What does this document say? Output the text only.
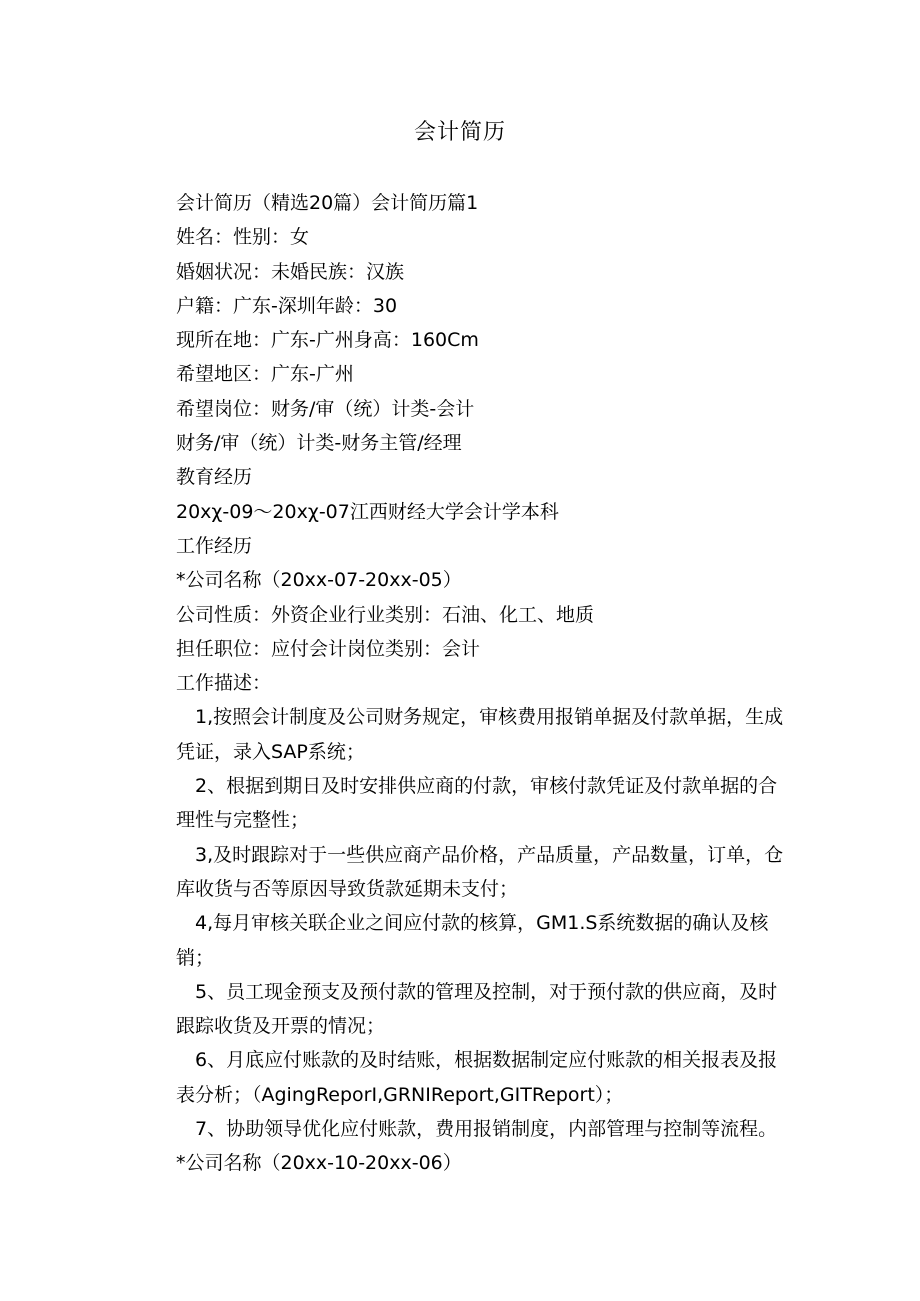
会计简历

会计简历（精选20篇）会计简历篇1

姓名：性别：女

婚姻状况：未婚民族：汉族

户籍：广东-深圳年龄：30

现所在地：广东-广州身高：160Cm

希望地区：广东-广州

希望岗位：财务/审（统）计类-会计

财务/审（统）计类-财务主管/经理

教育经历

20xχ-09〜20xχ-07江西财经大学会计学本科

工作经历

*公司名称（20xx-07-20xx-05）

公司性质：外资企业行业类别：石油、化工、地质

担任职位：应付会计岗位类别：会计

工作描述：

1,按照会计制度及公司财务规定，审核费用报销单据及付款单据，生成凭证，录入SAP系统；

2、根据到期日及时安排供应商的付款，审核付款凭证及付款单据的合理性与完整性；

3,及时跟踪对于一些供应商产品价格，产品质量，产品数量，订单，仓库收货与否等原因导致货款延期未支付；

4,每月审核关联企业之间应付款的核算，GM1.S系统数据的确认及核销；

5、员工现金预支及预付款的管理及控制，对于预付款的供应商，及时跟踪收货及开票的情况；

6、月底应付账款的及时结账，根据数据制定应付账款的相关报表及报表分析；（AgingReporI,GRNIReport,GITReport）；

7、协助领导优化应付账款，费用报销制度，内部管理与控制等流程。

*公司名称（20xx-10-20xx-06）
